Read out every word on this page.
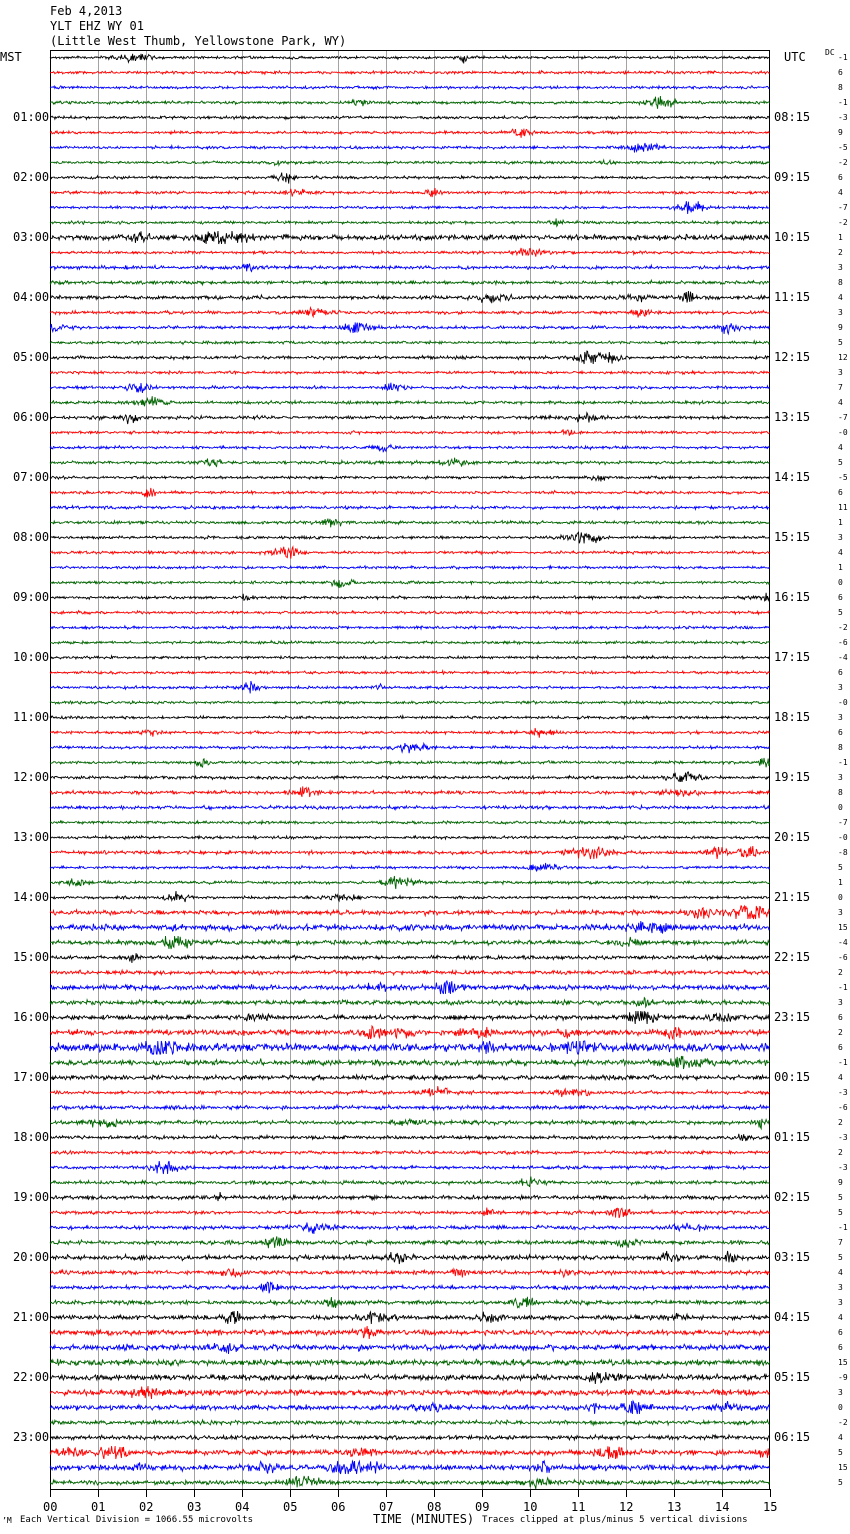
Feb 4,2013
YLT EHZ WY 01
(Little West Thumb, Yellowstone Park, WY)
MST	UTC DC
00	01	02	03	04	05	06	07	08	09	10	11	12	13	14	15
-1
6
8
-1
-3
9
-5
-2
6
4
-7
-2
1
2
3
8
4
3
9
5
12
3
7
4
-7
-0
4
5
-5
6
11
1
3
4
1
0
6
5
-2
-6
-4
6
3
-0
3
6
8
-1
3
8
0
-7
-0
-8
5
1
0
3
15
-4
-6
2
-1
3
6
2
6
-1
4
-3
-6
2
-3
2
-3
9
5
5
-1
7
5
4
3
3
4
6
6
15
-9
3
0
-2
4
5
15
5
01:00	08:15
02:00	09:15
03:00	10:15
04:00	11:15
05:00	12:15
06:00	13:15
07:00	14:15
08:00	15:15
09:00	16:15
10:00	17:15
11:00	18:15
12:00	19:15
13:00	20:15
14:00	21:15
15:00	22:15
16:00	23:15
17:00	00:15
18:00	01:15
19:00	02:15
20:00	03:15
21:00	04:15
22:00	05:15
23:00	06:15
’M Each Vertical Division = 1066.55 microvolts	TIME (MINUTES) Traces clipped at plus/minus 5 vertical divisions
